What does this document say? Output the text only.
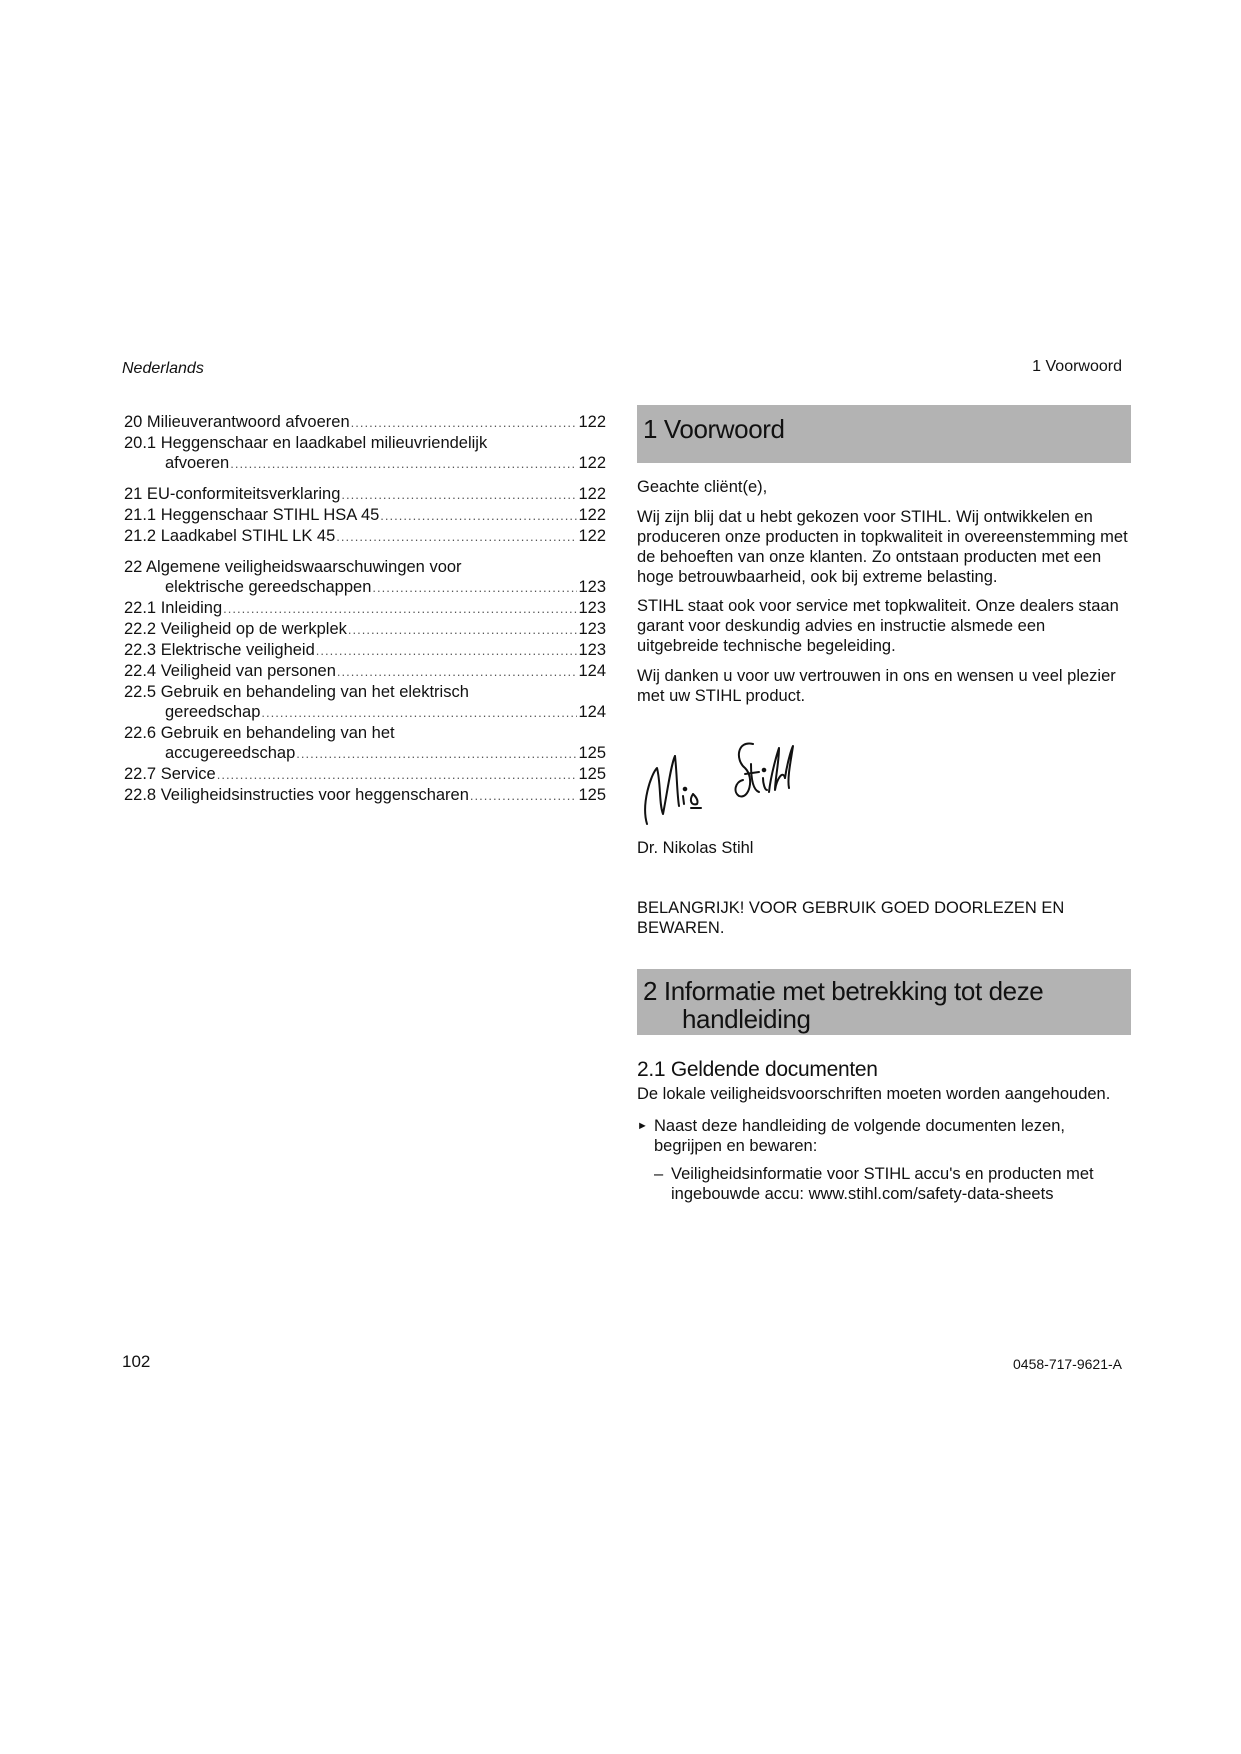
Nederlands	1 Voorwoord
20 Milieuverantwoord afvoeren .....	122
20.1 Heggenschaar en laadkabel milieuvriendelijk
afvoeren .....	122
21 EU-conformiteitsverklaring .....	122
21.1 Heggenschaar STIHL HSA 45 .....	122
21.2 Laadkabel STIHL LK 45 .....	122
22 Algemene veiligheidswaarschuwingen voor
elektrische gereedschappen .....	123
22.1 Inleiding .....	123
22.2 Veiligheid op de werkplek .....	123
22.3 Elektrische veiligheid .....	123
22.4 Veiligheid van personen .....	124
22.5 Gebruik en behandeling van het elektrisch
gereedschap .....	124
22.6 Gebruik en behandeling van het
accugereedschap .....	125
22.7 Service .....	125
22.8 Veiligheidsinstructies voor heggenscharen .....	125
1 Voorwoord
Geachte cliënt(e),
Wij zijn blij dat u hebt gekozen voor STIHL. Wij ontwikkelen en produceren onze producten in topkwaliteit in overeenstemming met de behoeften van onze klanten. Zo ontstaan producten met een hoge betrouwbaarheid, ook bij extreme belasting.
STIHL staat ook voor service met topkwaliteit. Onze dealers staan garant voor deskundig advies en instructie alsmede een uitgebreide technische begeleiding.
Wij danken u voor uw vertrouwen in ons en wensen u veel plezier met uw STIHL product.
Dr. Nikolas Stihl
BELANGRIJK! VOOR GEBRUIK GOED DOORLEZEN EN BEWAREN.
2 Informatie met betrekking tot deze
handleiding
2.1 Geldende documenten
De lokale veiligheidsvoorschriften moeten worden aangehouden.
► Naast deze handleiding de volgende documenten lezen, begrijpen en bewaren:
– Veiligheidsinformatie voor STIHL accu's en producten met ingebouwde accu: www.stihl.com/safety-data-sheets
102	0458-717-9621-A
